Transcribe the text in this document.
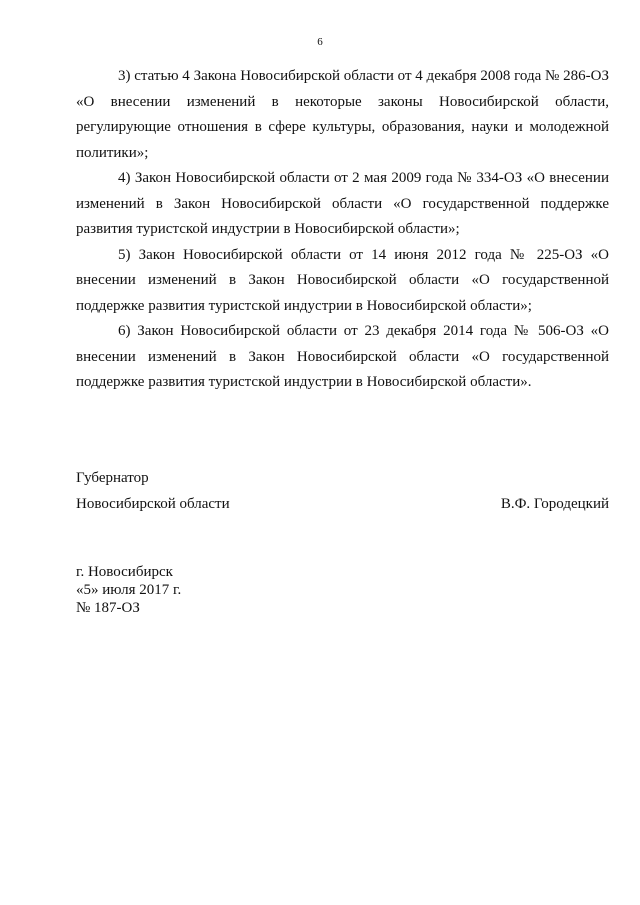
6

3) статью 4 Закона Новосибирской области от 4 декабря 2008 года № 286-ОЗ «О внесении изменений в некоторые законы Новосибирской области, регулирующие отношения в сфере культуры, образования, науки и молодежной политики»;

4) Закон Новосибирской области от 2 мая 2009 года № 334-ОЗ «О внесении изменений в Закон Новосибирской области «О государственной поддержке развития туристской индустрии в Новосибирской области»;

5) Закон Новосибирской области от 14 июня 2012 года № 225-ОЗ «О внесении изменений в Закон Новосибирской области «О государственной поддержке развития туристской индустрии в Новосибирской области»;

6) Закон Новосибирской области от 23 декабря 2014 года № 506-ОЗ «О внесении изменений в Закон Новосибирской области «О государственной поддержке развития туристской индустрии в Новосибирской области».

Губернатор
Новосибирской области	В.Ф. Городецкий
г. Новосибирск
«5» июля 2017 г.
№ 187-ОЗ
